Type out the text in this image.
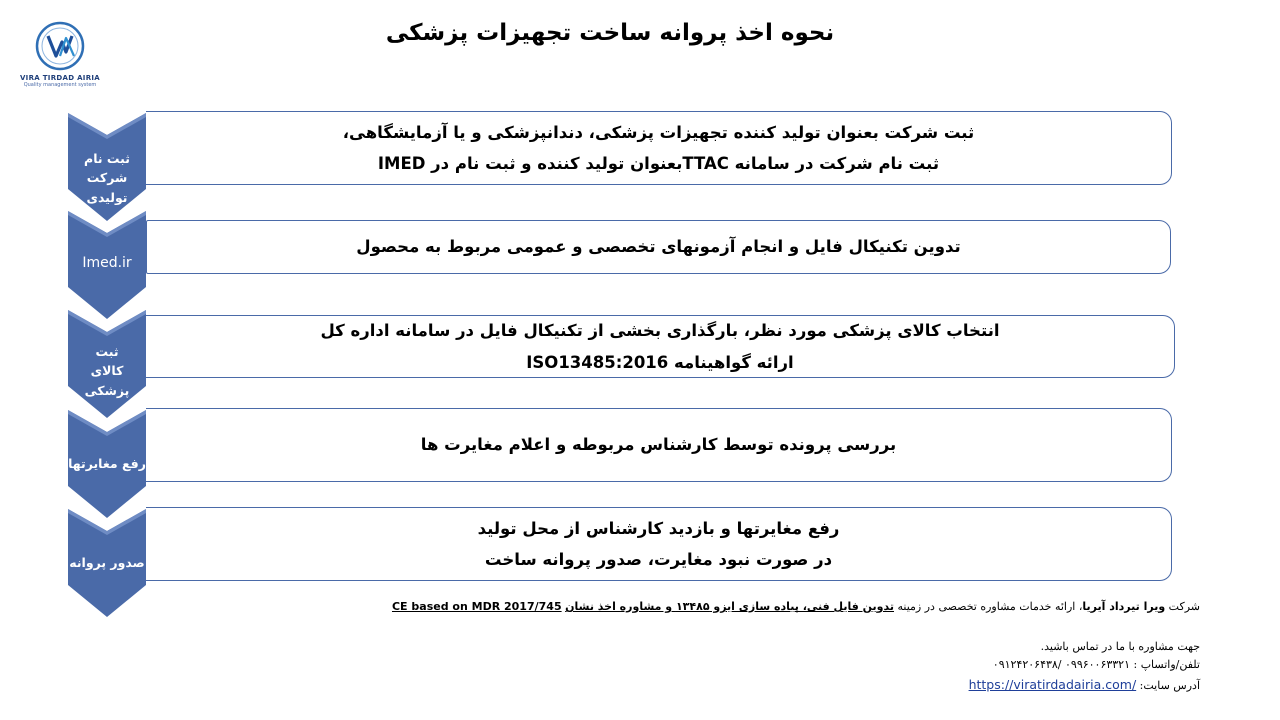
VIRA TIRDAD AIRIA
Quality management system
نحوه اخذ پروانه ساخت تجهیزات پزشکی
ثبت شرکت بعنوان تولید کننده تجهیزات پزشکی، دندانپزشکی و یا آزمایشگاهی،
ثبت نام شرکت در سامانه TTACبعنوان تولید کننده و ثبت نام در IMED
ثبت نام شرکت تولیدی
تدوین تکنیکال فایل و انجام آزمونهای تخصصی و عمومی مربوط به محصول
Imed.ir
انتخاب کالای پزشکی مورد نظر، بارگذاری بخشی از تکنیکال فایل در سامانه اداره کل
ارائه گواهینامه ISO13485:2016
ثبت کالای پزشکی
بررسی پرونده توسط کارشناس مربوطه و اعلام مغایرت ها
رفع مغایرتها
رفع مغایرتها و بازدید کارشناس از محل تولید
در صورت نبود مغایرت، صدور پروانه ساخت
صدور پروانه
شرکت ویرا تیرداد آیریا، ارائه خدمات مشاوره تخصصی در زمینه تدوین فایل فنی، پیاده سازی ایزو ۱۳۴۸۵ و مشاوره اخذ نشان CE based on MDR 2017/745
جهت مشاوره با ما در تماس باشید.
تلفن/واتساپ : ۰۹۹۶۰۰۶۳۳۲۱ /۰۹۱۲۴۲۰۶۴۳۸
آدرس سایت: https://viratirdadairia.com/
